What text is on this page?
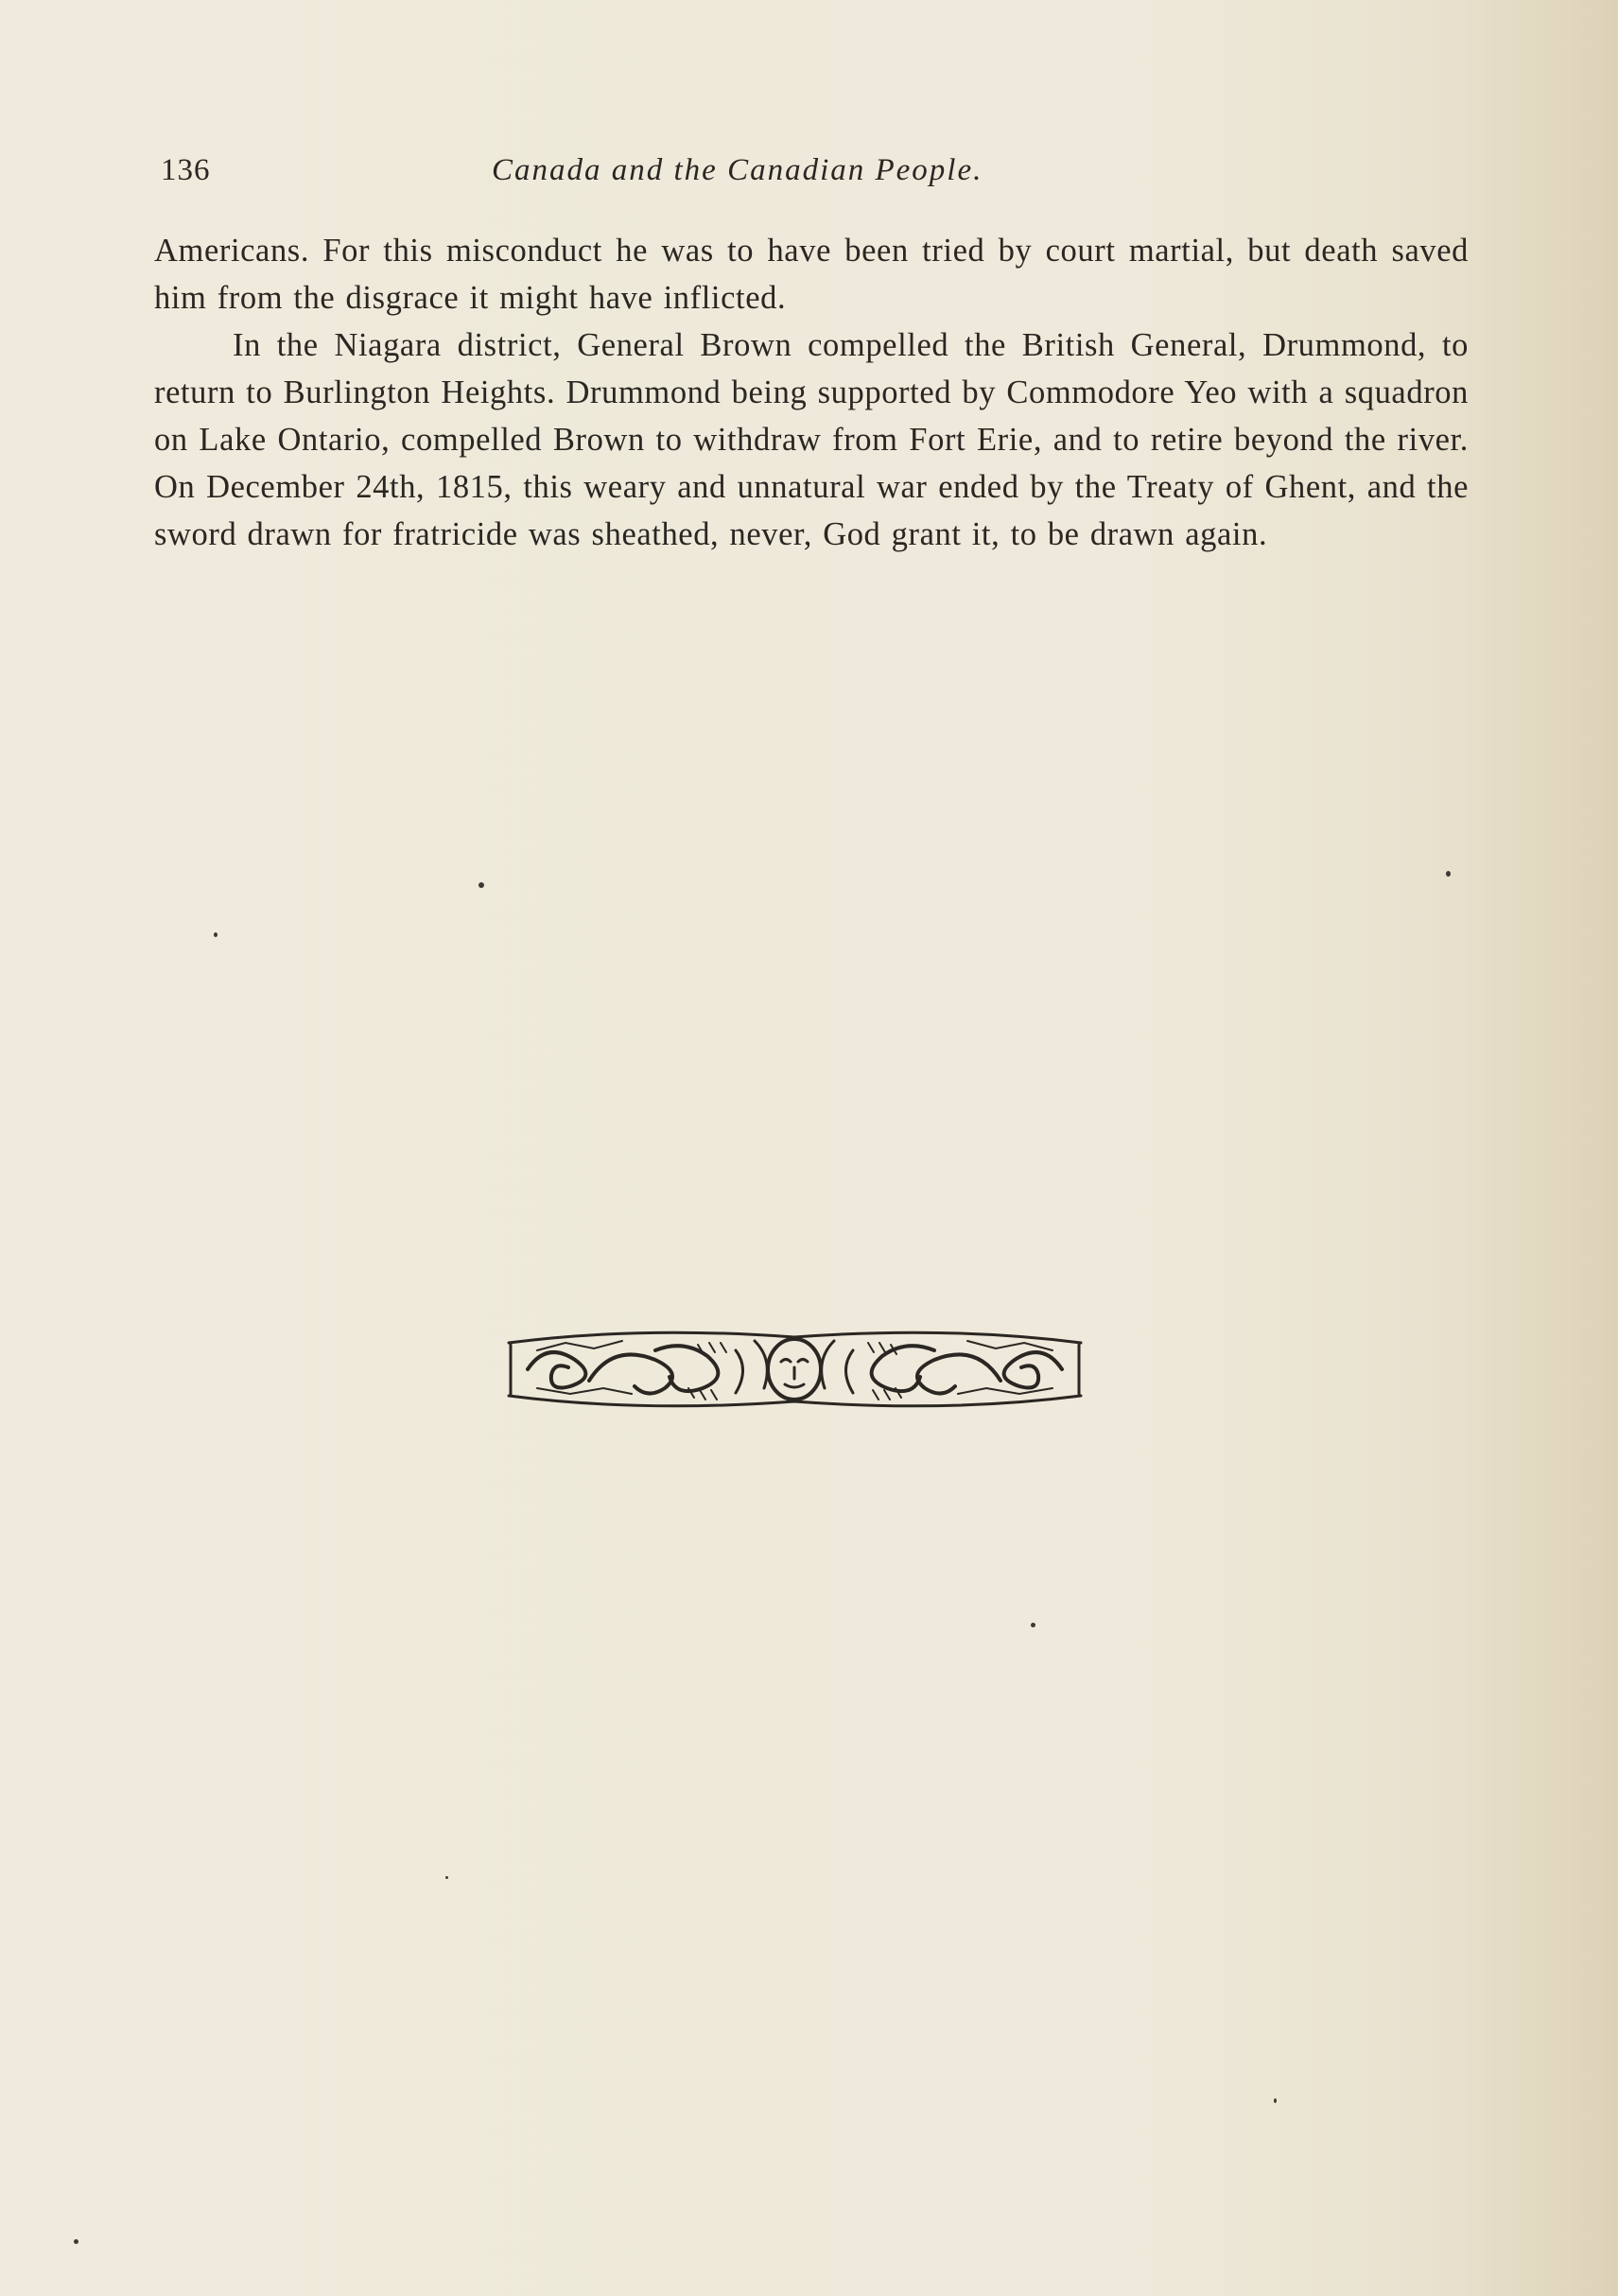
136	Canada and the Canadian People.

Americans. For this misconduct he was to have been tried by court martial, but death saved him from the disgrace it might have inflicted.

In the Niagara district, General Brown compelled the British General, Drummond, to return to Burlington Heights. Drummond being supported by Commodore Yeo with a squadron on Lake Ontario, compelled Brown to withdraw from Fort Erie, and to retire beyond the river. On December 24th, 1815, this weary and unnatural war ended by the Treaty of Ghent, and the sword drawn for fratricide was sheathed, never, God grant it, to be drawn again.
